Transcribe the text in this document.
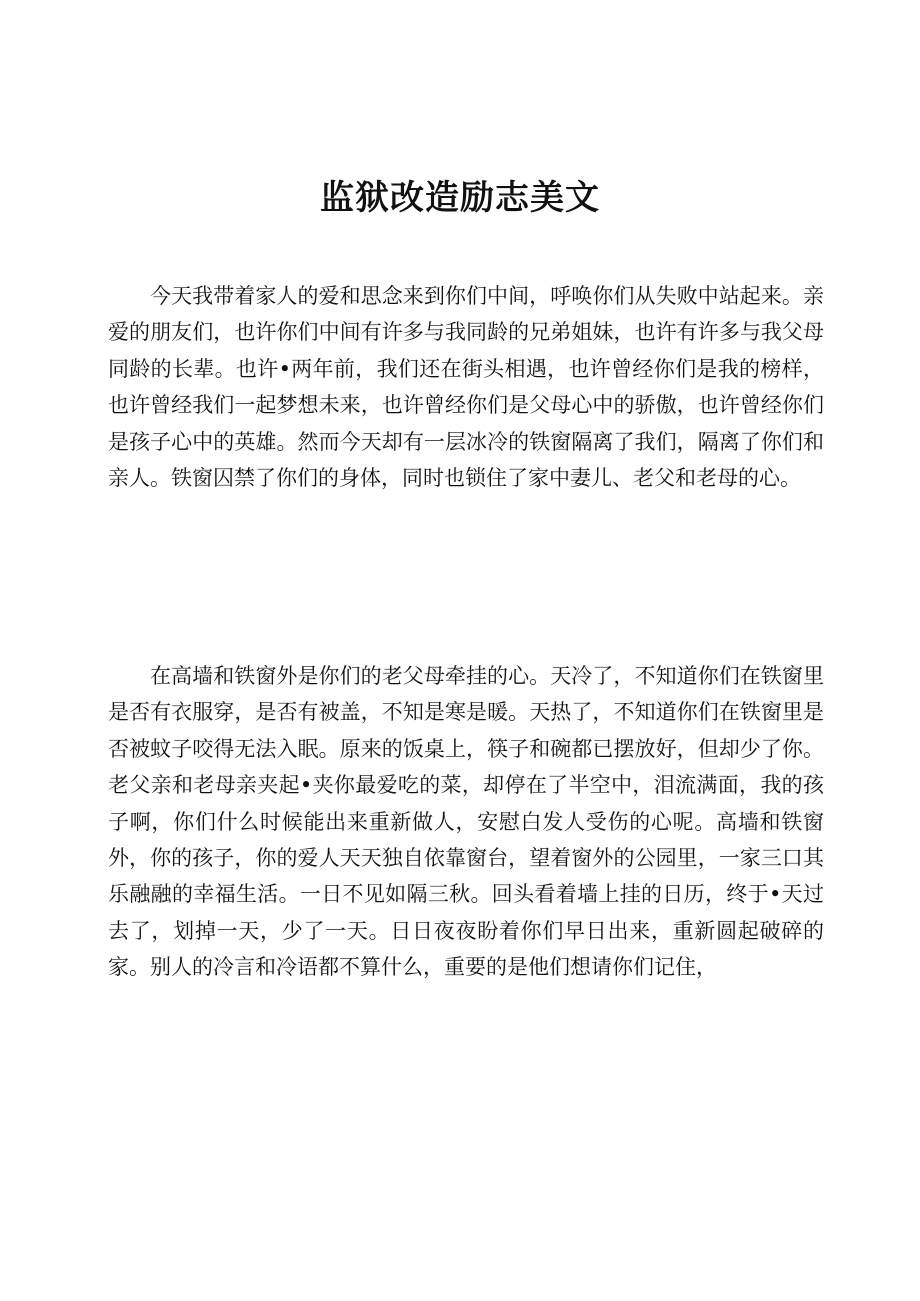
监狱改造励志美文

今天我带着家人的爱和思念来到你们中间，呼唤你们从失败中站起来。亲爱的朋友们，也许你们中间有许多与我同龄的兄弟姐妹，也许有许多与我父母同龄的长辈。也许•两年前，我们还在街头相遇，也许曾经你们是我的榜样，也许曾经我们一起梦想未来，也许曾经你们是父母心中的骄傲，也许曾经你们是孩子心中的英雄。然而今天却有一层冰冷的铁窗隔离了我们，隔离了你们和亲人。铁窗囚禁了你们的身体，同时也锁住了家中妻儿、老父和老母的心。

在高墙和铁窗外是你们的老父母牵挂的心。天冷了，不知道你们在铁窗里是否有衣服穿，是否有被盖，不知是寒是暖。天热了，不知道你们在铁窗里是否被蚊子咬得无法入眠。原来的饭桌上，筷子和碗都已摆放好，但却少了你。老父亲和老母亲夹起•夹你最爱吃的菜，却停在了半空中，泪流满面，我的孩子啊，你们什么时候能出来重新做人，安慰白发人受伤的心呢。高墙和铁窗外，你的孩子，你的爱人天天独自依靠窗台，望着窗外的公园里，一家三口其乐融融的幸福生活。一日不见如隔三秋。回头看着墙上挂的日历，终于•天过去了，划掉一天，少了一天。日日夜夜盼着你们早日出来，重新圆起破碎的家。别人的冷言和冷语都不算什么，重要的是他们想请你们记住，
